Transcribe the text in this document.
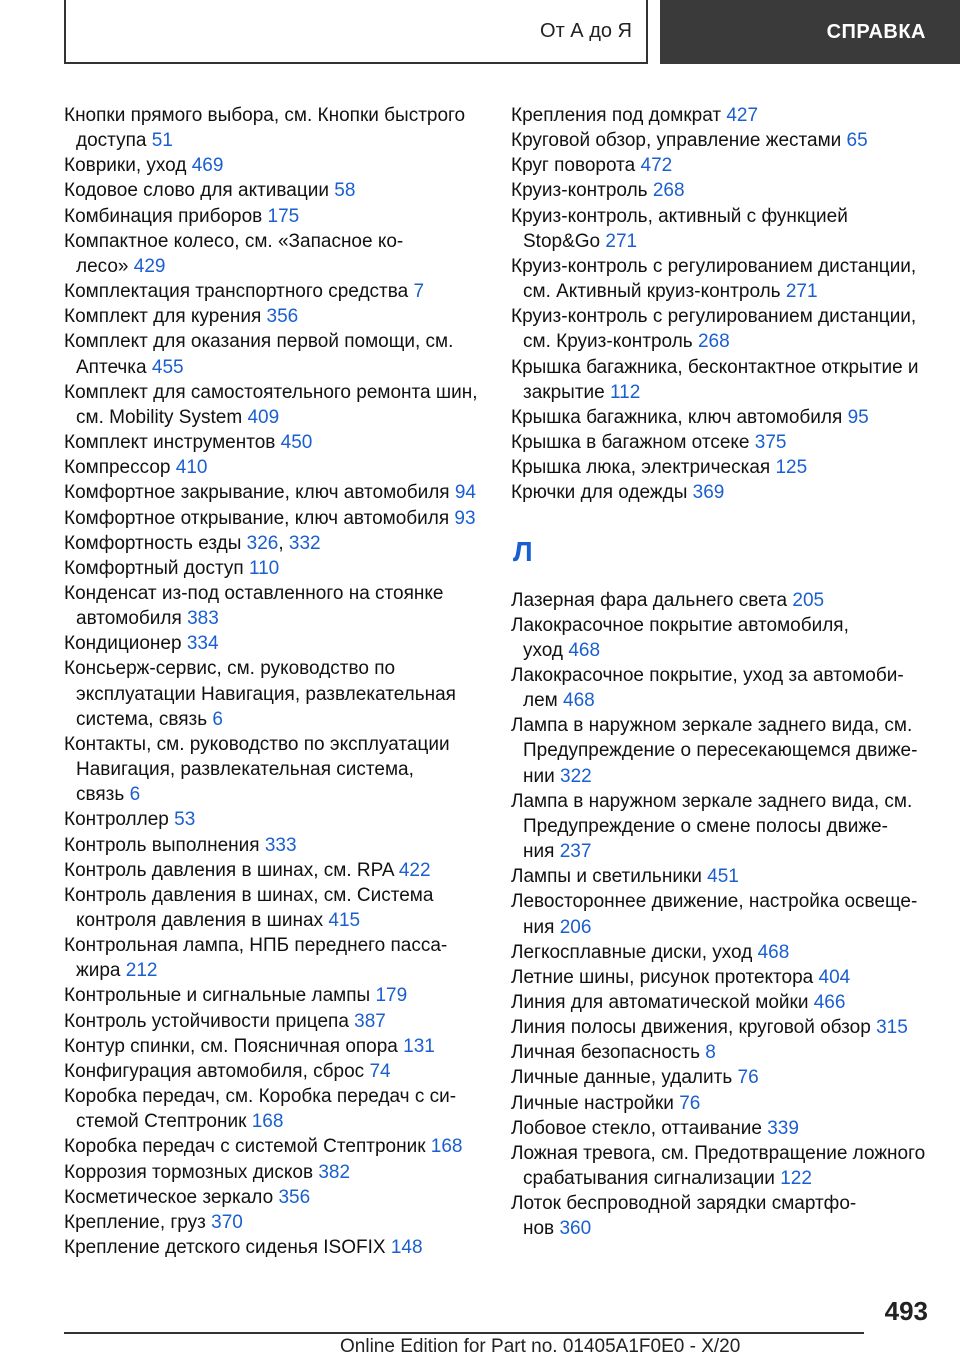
От А до Я	СПРАВКА
Кнопки прямого выбора, см. Кнопки быстрого
доступа 51
Коврики, уход 469
Кодовое слово для активации 58
Комбинация приборов 175
Компактное колесо, см. «Запасное ко-
лесо» 429
Комплектация транспортного средства 7
Комплект для курения 356
Комплект для оказания первой помощи, см.
Аптечка 455
Комплект для самостоятельного ремонта шин,
см. Mobility System 409
Комплект инструментов 450
Компрессор 410
Комфортное закрывание, ключ автомобиля 94
Комфортное открывание, ключ автомобиля 93
Комфортность езды 326, 332
Комфортный доступ 110
Конденсат из-под оставленного на стоянке
автомобиля 383
Кондиционер 334
Консьерж-сервис, см. руководство по
эксплуатации Навигация, развлекательная
система, связь 6
Контакты, см. руководство по эксплуатации
Навигация, развлекательная система,
связь 6
Контроллер 53
Контроль выполнения 333
Контроль давления в шинах, см. RPA 422
Контроль давления в шинах, см. Система
контроля давления в шинах 415
Контрольная лампа, НПБ переднего пасса-
жира 212
Контрольные и сигнальные лампы 179
Контроль устойчивости прицепа 387
Контур спинки, см. Поясничная опора 131
Конфигурация автомобиля, сброс 74
Коробка передач, см. Коробка передач с си-
стемой Стептроник 168
Коробка передач с системой Стептроник 168
Коррозия тормозных дисков 382
Косметическое зеркало 356
Крепление, груз 370
Крепление детского сиденья ISOFIX 148
Крепления под домкрат 427
Круговой обзор, управление жестами 65
Круг поворота 472
Круиз-контроль 268
Круиз-контроль, активный с функцией
Stop&Go 271
Круиз-контроль с регулированием дистанции,
см. Активный круиз-контроль 271
Круиз-контроль с регулированием дистанции,
см. Круиз-контроль 268
Крышка багажника, бесконтактное открытие и
закрытие 112
Крышка багажника, ключ автомобиля 95
Крышка в багажном отсеке 375
Крышка люка, электрическая 125
Крючки для одежды 369
Л
Лазерная фара дальнего света 205
Лакокрасочное покрытие автомобиля,
уход 468
Лакокрасочное покрытие, уход за автомоби-
лем 468
Лампа в наружном зеркале заднего вида, см.
Предупреждение о пересекающемся движе-
нии 322
Лампа в наружном зеркале заднего вида, см.
Предупреждение о смене полосы движе-
ния 237
Лампы и светильники 451
Левостороннее движение, настройка освеще-
ния 206
Легкосплавные диски, уход 468
Летние шины, рисунок протектора 404
Линия для автоматической мойки 466
Линия полосы движения, круговой обзор 315
Личная безопасность 8
Личные данные, удалить 76
Личные настройки 76
Лобовое стекло, оттаивание 339
Ложная тревога, см. Предотвращение ложного
срабатывания сигнализации 122
Лоток беспроводной зарядки смартфо-
нов 360
493
Online Edition for Part no. 01405A1F0E0 - X/20
